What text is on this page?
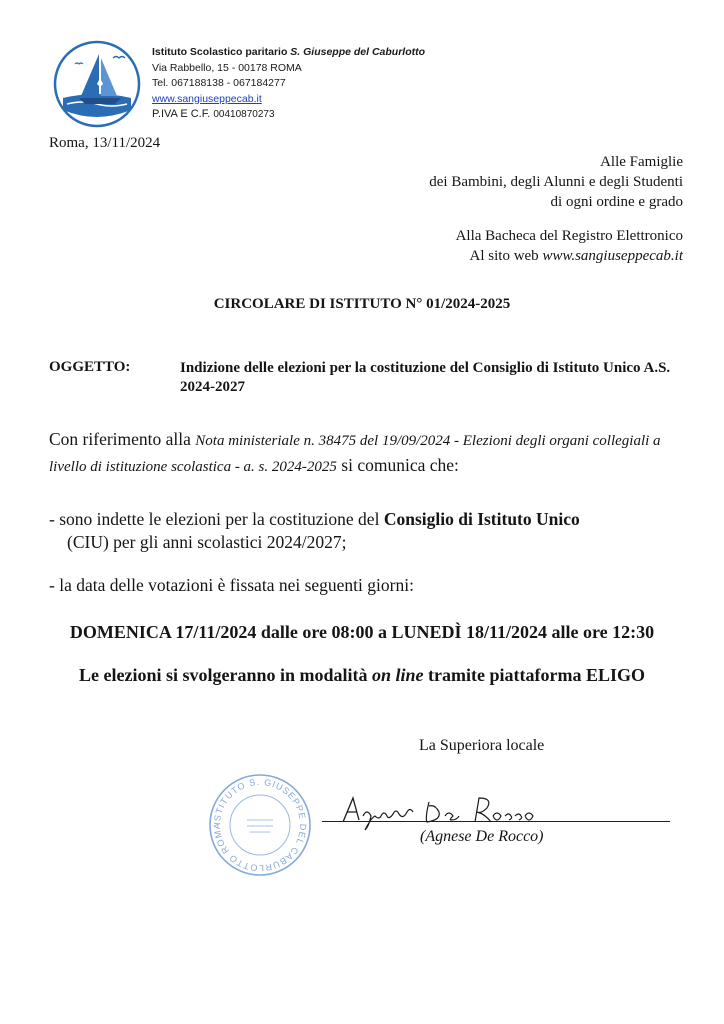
Istituto Scolastico paritario S. Giuseppe del Caburlotto
Via Rabbello, 15 - 00178 ROMA
Tel. 067188138 - 067184277
www.sangiuseppecab.it
P.IVA E C.F. 00410870273
Roma, 13/11/2024
Alle Famiglie
dei Bambini, degli Alunni e degli Studenti
di ogni ordine e grado
Alla Bacheca del Registro Elettronico
Al sito web www.sangiuseppecab.it
CIRCOLARE DI ISTITUTO N° 01/2024-2025
OGGETTO:	Indizione delle elezioni per la costituzione del Consiglio di Istituto Unico A.S. 2024-2027
Con riferimento alla Nota ministeriale n. 38475 del 19/09/2024 - Elezioni degli organi collegiali a livello di istituzione scolastica - a. s. 2024-2025 si comunica che:
- sono indette le elezioni per la costituzione del Consiglio di Istituto Unico
(CIU) per gli anni scolastici 2024/2027;
- la data delle votazioni è fissata nei seguenti giorni:
DOMENICA 17/11/2024 dalle ore 08:00 a LUNEDÌ 18/11/2024 alle ore 12:30
Le elezioni si svolgeranno in modalità on line tramite piattaforma ELIGO
La Superiora locale
ISTITUTO S. GIUSEPPE DEL CABURLOTTO ROMA
(Agnese De Rocco)
